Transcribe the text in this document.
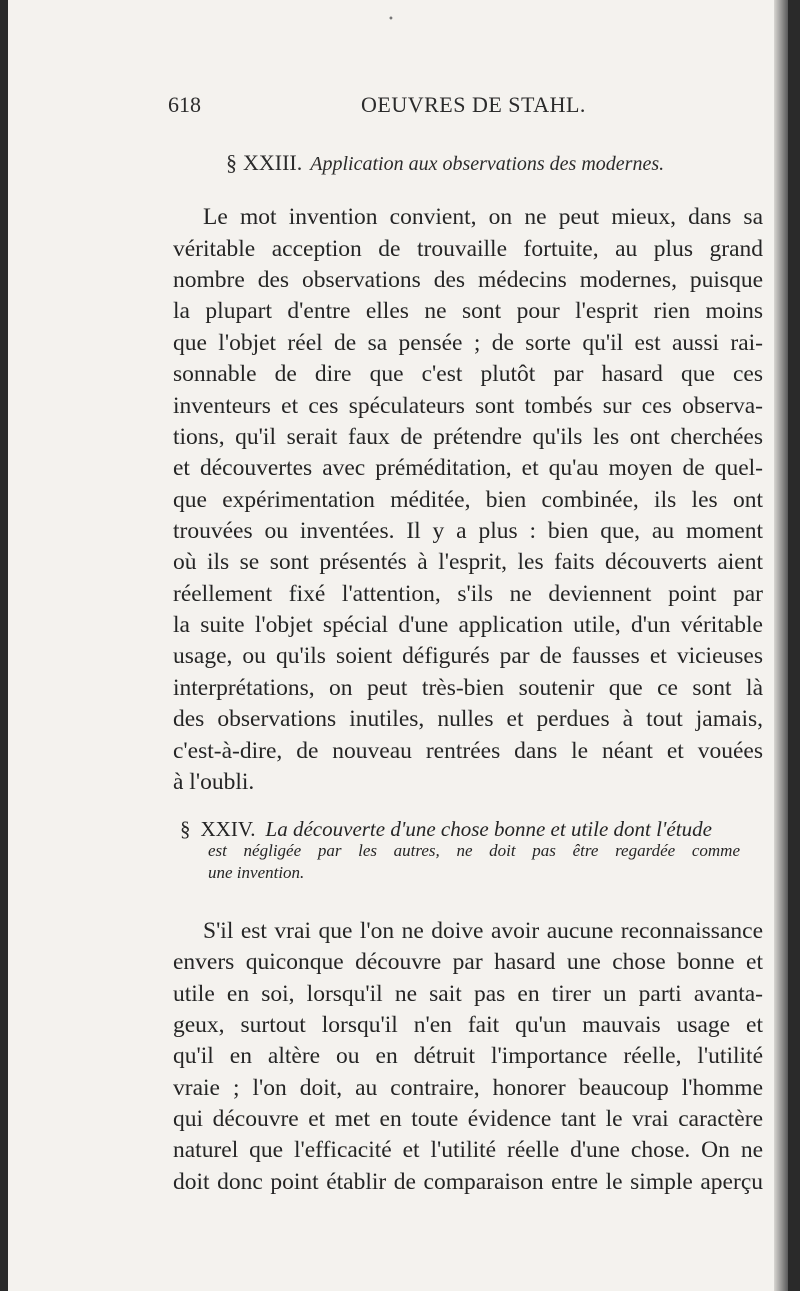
•
618	OEUVRES DE STAHL.
§ XXIII. Application aux observations des modernes.
Le mot invention convient, on ne peut mieux, dans sa
véritable acception de trouvaille fortuite, au plus grand
nombre des observations des médecins modernes, puisque
la plupart d'entre elles ne sont pour l'esprit rien moins
que l'objet réel de sa pensée ; de sorte qu'il est aussi rai-
sonnable de dire que c'est plutôt par hasard que ces
inventeurs et ces spéculateurs sont tombés sur ces observa-
tions, qu'il serait faux de prétendre qu'ils les ont cherchées
et découvertes avec préméditation, et qu'au moyen de quel-
que expérimentation méditée, bien combinée, ils les ont
trouvées ou inventées. Il y a plus : bien que, au moment
où ils se sont présentés à l'esprit, les faits découverts aient
réellement fixé l'attention, s'ils ne deviennent point par
la suite l'objet spécial d'une application utile, d'un véritable
usage, ou qu'ils soient défigurés par de fausses et vicieuses
interprétations, on peut très-bien soutenir que ce sont là
des observations inutiles, nulles et perdues à tout jamais,
c'est-à-dire, de nouveau rentrées dans le néant et vouées
à l'oubli.
§ XXIV. La découverte d'une chose bonne et utile dont l'étude
est négligée par les autres, ne doit pas être regardée comme
une invention.
S'il est vrai que l'on ne doive avoir aucune reconnaissance
envers quiconque découvre par hasard une chose bonne et
utile en soi, lorsqu'il ne sait pas en tirer un parti avanta-
geux, surtout lorsqu'il n'en fait qu'un mauvais usage et
qu'il en altère ou en détruit l'importance réelle, l'utilité
vraie ; l'on doit, au contraire, honorer beaucoup l'homme
qui découvre et met en toute évidence tant le vrai caractère
naturel que l'efficacité et l'utilité réelle d'une chose. On ne
doit donc point établir de comparaison entre le simple aperçu
